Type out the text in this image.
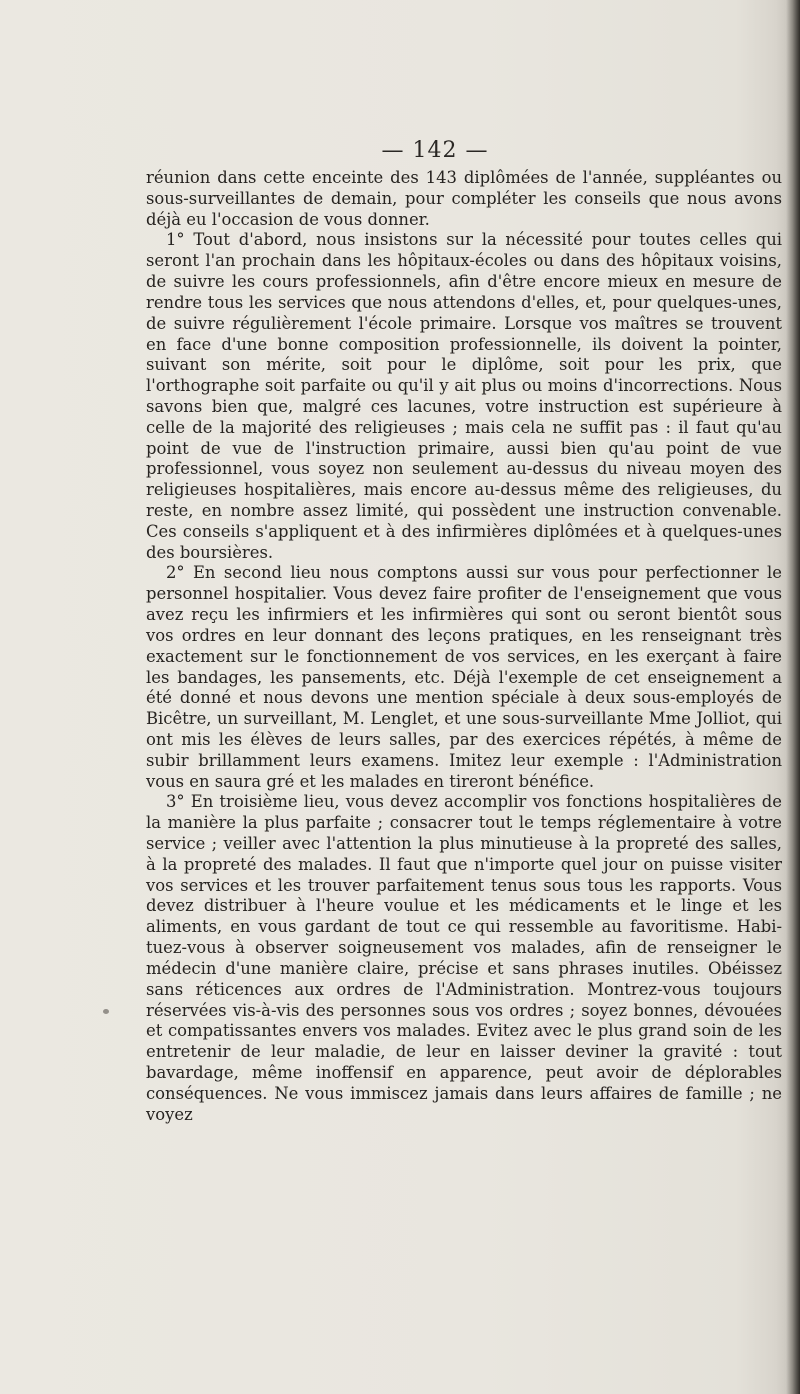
— 142 —

réunion dans cette enceinte des 143 diplômées de l'année, suppléantes ou sous-surveillantes de demain, pour compléter les conseils que nous avons déjà eu l'occasion de vous donner.

1° Tout d'abord, nous insistons sur la nécessité pour toutes celles qui seront l'an prochain dans les hôpitaux-écoles ou dans des hôpitaux voisins, de suivre les cours professionnels, afin d'être encore mieux en mesure de rendre tous les services que nous attendons d'elles, et, pour quelques-unes, de suivre régulièrement l'école primaire. Lorsque vos maîtres se trouvent en face d'une bonne composition professionnelle, ils doivent la pointer, suivant son mérite, soit pour le diplôme, soit pour les prix, que l'orthographe soit parfaite ou qu'il y ait plus ou moins d'incorrections. Nous savons bien que, malgré ces lacunes, votre instruction est supérieure à celle de la majorité des religieuses ; mais cela ne suffit pas : il faut qu'au point de vue de l'instruction primaire, aussi bien qu'au point de vue professionnel, vous soyez non seulement au-dessus du niveau moyen des religieuses hospitalières, mais encore au-dessus même des religieuses, du reste, en nombre assez limité, qui possèdent une instruction convenable. Ces conseils s'appliquent et à des infirmières diplômées et à quelques-unes des boursières.

2° En second lieu nous comptons aussi sur vous pour perfectionner le personnel hospitalier. Vous devez faire profiter de l'enseignement que vous avez reçu les infirmiers et les infirmières qui sont ou seront bientôt sous vos ordres en leur donnant des leçons pratiques, en les renseignant très exactement sur le fonctionnement de vos services, en les exerçant à faire les bandages, les pansements, etc. Déjà l'exemple de cet enseignement a été donné et nous devons une mention spéciale à deux sous-employés de Bicêtre, un surveillant, M. Lenglet, et une sous-surveillante Mme Jolliot, qui ont mis les élèves de leurs salles, par des exercices répétés, à même de subir brillamment leurs examens. Imitez leur exemple : l'Administration vous en saura gré et les malades en tireront bénéfice.

3° En troisième lieu, vous devez accomplir vos fonctions hospitalières de la manière la plus parfaite ; consacrer tout le temps réglementaire à votre service ; veiller avec l'attention la plus minutieuse à la propreté des salles, à la propreté des malades. Il faut que n'importe quel jour on puisse visiter vos services et les trouver parfaitement tenus sous tous les rapports. Vous devez distribuer à l'heure voulue et les médicaments et le linge et les aliments, en vous gardant de tout ce qui ressemble au favoritisme. Habituez-vous à observer soigneusement vos malades, afin de renseigner le médecin d'une manière claire, précise et sans phrases inutiles. Obéissez sans réticences aux ordres de l'Administration. Montrez-vous toujours réservées vis-à-vis des personnes sous vos ordres ; soyez bonnes, dévouées et compatissantes envers vos malades. Evitez avec le plus grand soin de les entretenir de leur maladie, de leur en laisser deviner la gravité : tout bavardage, même inoffensif en apparence, peut avoir de déplorables conséquences. Ne vous immiscez jamais dans leurs affaires de famille ; ne voyez
